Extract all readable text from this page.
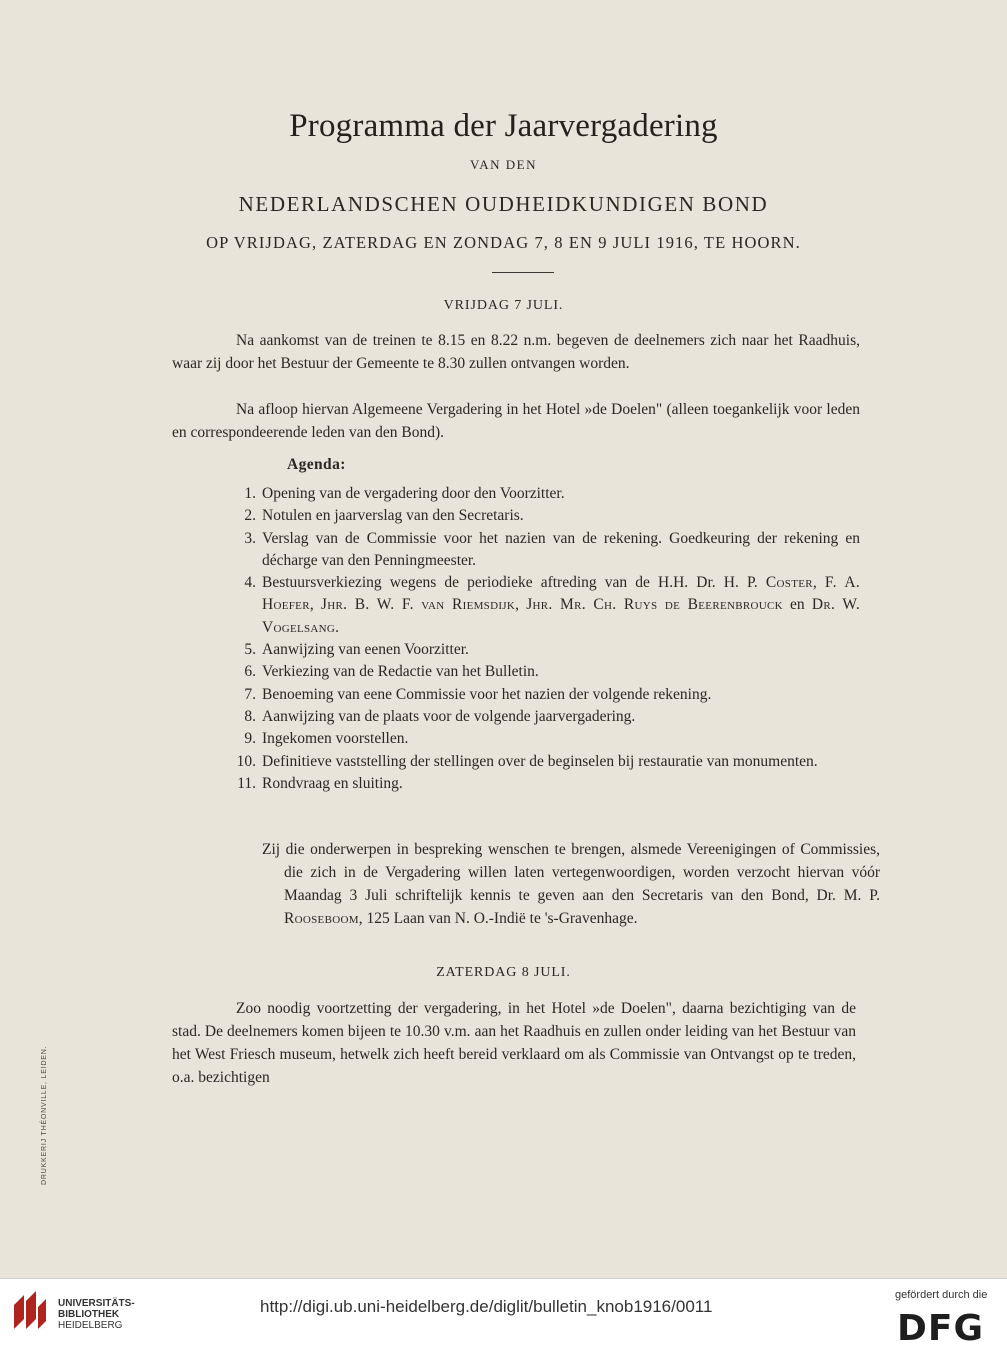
Programma der Jaarvergadering
VAN DEN
NEDERLANDSCHEN OUDHEIDKUNDIGEN BOND
OP VRIJDAG, ZATERDAG EN ZONDAG 7, 8 EN 9 JULI 1916, TE HOORN.
VRIJDAG 7 JULI.

Na aankomst van de treinen te 8.15 en 8.22 n.m. begeven de deelnemers zich naar het Raadhuis, waar zij door het Bestuur der Gemeente te 8.30 zullen ontvangen worden.

Na afloop hiervan Algemeene Vergadering in het Hotel »de Doelen" (alleen toegankelijk voor leden en correspondeerende leden van den Bond).

Agenda:
1. Opening van de vergadering door den Voorzitter.
2. Notulen en jaarverslag van den Secretaris.
3. Verslag van de Commissie voor het nazien van de rekening. Goedkeuring der rekening en décharge van den Penningmeester.
4. Bestuursverkiezing wegens de periodieke aftreding van de H.H. Dr. H. P. Coster, F. A. Hoefer, Jhr. B. W. F. van Riemsdijk, Jhr. Mr. Ch. Ruys de Beerenbrouck en Dr. W. Vogelsang.
5. Aanwijzing van eenen Voorzitter.
6. Verkiezing van de Redactie van het Bulletin.
7. Benoeming van eene Commissie voor het nazien der volgende rekening.
8. Aanwijzing van de plaats voor de volgende jaarvergadering.
9. Ingekomen voorstellen.
10. Definitieve vaststelling der stellingen over de beginselen bij restauratie van monumenten.
11. Rondvraag en sluiting.

Zij die onderwerpen in bespreking wenschen te brengen, alsmede Vereenigingen of Commissies, die zich in de Vergadering willen laten vertegenwoordigen, worden verzocht hiervan vóór Maandag 3 Juli schriftelijk kennis te geven aan den Secretaris van den Bond, Dr. M. P. Rooseboom, 125 Laan van N. O.-Indië te 's-Gravenhage.

ZATERDAG 8 JULI.

Zoo noodig voortzetting der vergadering, in het Hotel »de Doelen", daarna bezichtiging van de stad. De deelnemers komen bijeen te 10.30 v.m. aan het Raadhuis en zullen onder leiding van het Bestuur van het West Friesch museum, hetwelk zich heeft bereid verklaard om als Commissie van Ontvangst op te treden, o.a. bezichtigen

DRUKKERIJ THÉONVILLE, LEIDEN.
UNIVERSITÄTS-
BIBLIOTHEK
HEIDELBERG
http://digi.ub.uni-heidelberg.de/diglit/bulletin_knob1916/0011
gefördert durch die
DFG
